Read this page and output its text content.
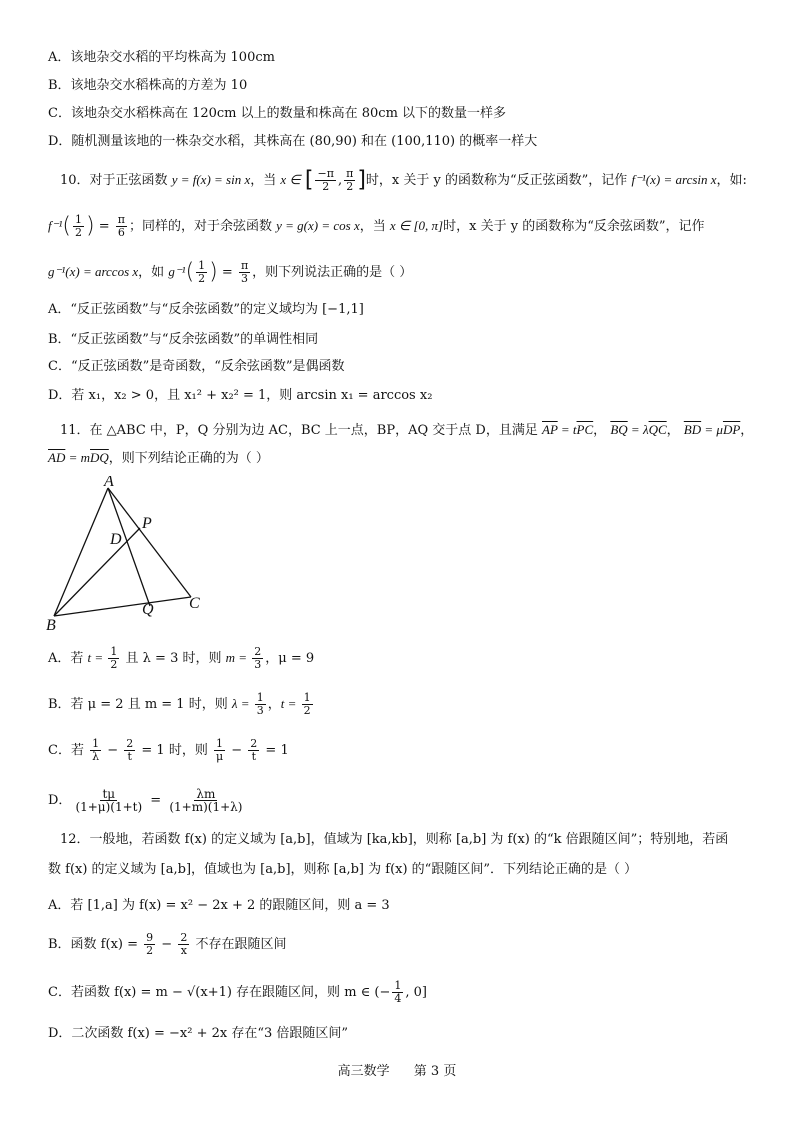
A．该地杂交水稻的平均株高为 100cm
B．该地杂交水稻株高的方差为 10
C．该地杂交水稻株高在 120cm 以上的数量和株高在 80cm 以下的数量一样多
D．随机测量该地的一株杂交水稻，其株高在 (80,90) 和在 (100,110) 的概率一样大
10．对于正弦函数 y = f(x) = sin x，当 x ∈ [ $\frac{-\pi}{2}$ , $\frac{\pi}{2}$ ]时，x 关于 y 的函数称为“反正弦函数”，记作 f⁻¹(x) = arcsin x，如:
$f^{-1}( \frac{1}{2}$ ) = $\frac{\pi}{6}$ ；同样的，对于余弦函数 y = g(x) = cos x，当 x ∈ [0, π]时，x 关于 y 的函数称为“反余弦函数”，记作
g⁻¹(x) = arccos x，如 $g^{-1}( \frac{1}{2}$ ) = $\frac{\pi}{3}$ ，则下列说法正确的是（ ）
A．“反正弦函数”与“反余弦函数”的定义域均为 [−1,1]
B．“反正弦函数”与“反余弦函数”的单调性相同
C．“反正弦函数”是奇函数，“反余弦函数”是偶函数
D．若 x₁，x₂ > 0，且 x₁² + x₂² = 1，则 arcsin x₁ = arccos x₂
11．在 △ABC 中，P，Q 分别为边 AC，BC 上一点，BP，AQ 交于点 D，且满足 $\overline{AP} = t\overline{PC}$， $\overline{BQ} = \lambda\overline{QC}$， $\overline{BD} = \mu\overline{DP}$，
$\overline{AD} = m\overline{DQ}$，则下列结论正确的为（ ）
A
B
C
D
P
Q
A．若 $t = \frac{1}{2}$ 且 λ = 3 时，则 $m = \frac{2}{3}$ ，μ = 9
B．若 μ = 2 且 m = 1 时，则 $\lambda = \frac{1}{3}$ ，$t = \frac{1}{2}$
C．若 $\frac{1}{\lambda} - \frac{2}{t} = 1$ 时，则 $\frac{1}{\mu} - \frac{2}{t} = 1$
D． $\frac{t\mu}{(1+\mu)(1+t)} = \frac{\lambda m}{(1+m)(1+\lambda)}$
12．一般地，若函数 f(x) 的定义域为 [a,b]，值域为 [ka,kb]，则称 [a,b] 为 f(x) 的“k 倍跟随区间”；特别地，若函
数 f(x) 的定义域为 [a,b]，值域也为 [a,b]，则称 [a,b] 为 f(x) 的“跟随区间”．下列结论正确的是（ ）
A．若 [1,a] 为 f(x) = x² − 2x + 2 的跟随区间，则 a = 3
B．函数 $f(x) = \frac{9}{2} - \frac{2}{x}$ 不存在跟随区间
C．若函数 f(x) = m − √(x+1) 存在跟随区间，则 m ∈ (− $\frac{1}{4}$ , 0]
D．二次函数 f(x) = −x² + 2x 存在“3 倍跟随区间”
高三数学 第 3 页
